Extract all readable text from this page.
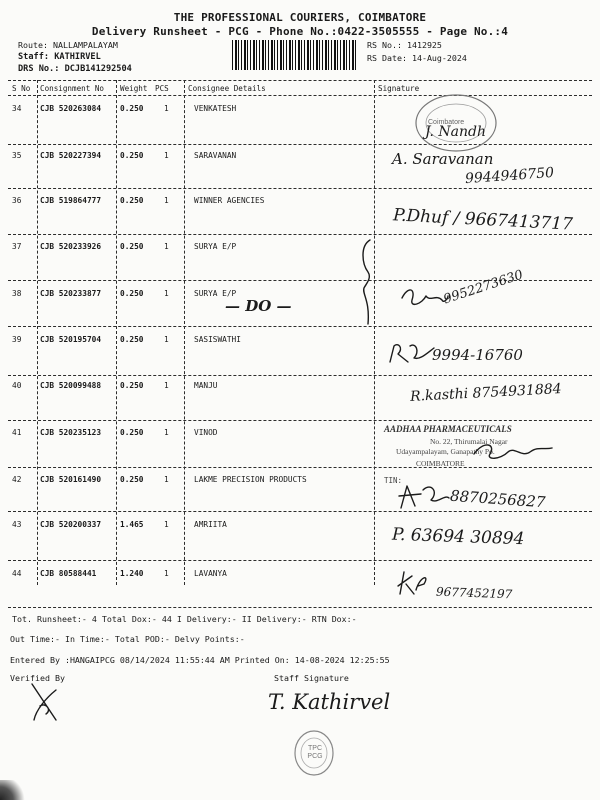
THE PROFESSIONAL COURIERS, COIMBATORE
Delivery Runsheet - PCG - Phone No.:0422-3505555 - Page No.:4
Route: NALLAMPALAYAM
Staff: KATHIRVEL
DRS No.: DCJB141292504
RS No.: 1412925
RS Date: 14-Aug-2024
S No Consignment No Weight PCS	Consignee Details	Signature
34 CJB 520263084 0.250	1	VENKATESH
35 CJB 520227394 0.250	1	SARAVANAN
36 CJB 519864777 0.250	1	WINNER AGENCIES
37 CJB 520233926 0.250	1	SURYA E/P
38 CJB 520233877 0.250	1	SURYA E/P
39 CJB 520195704 0.250	1	SASISWATHI
40 CJB 520099488 0.250	1	MANJU
41 CJB 520235123 0.250	1	VINOD
42 CJB 520161490 0.250	1	LAKME PRECISION PRODUCTS
43 CJB 520200337 1.465	1	AMRIITA
44 CJB 80588441	1.240	1	LAVANYA
Coimbatore
J. Nandh
A. Saravanan
9944946750
P.Dhuf / 9667413717
9952273630
— DO —
9994-16760
R.kasthi 8754931884
AADHAA PHARMACEUTICALS
No. 22, Thirumalai Nagar
Udayampalayam, Ganapathy Po.
COIMBATORE
TIN:
8870256827
P. 63694 30894
9677452197
Tot. Runsheet:- 4 Total Dox:- 44 I Delivery:- II Delivery:- RTN Dox:-
Out Time:- In Time:- Total POD:- Delvy Points:-
Entered By :HANGAIPCG 08/14/2024 11:55:44 AM Printed On: 14-08-2024 12:25:55
Verified By	Staff Signature
T. Kathirvel
TPC PCG
